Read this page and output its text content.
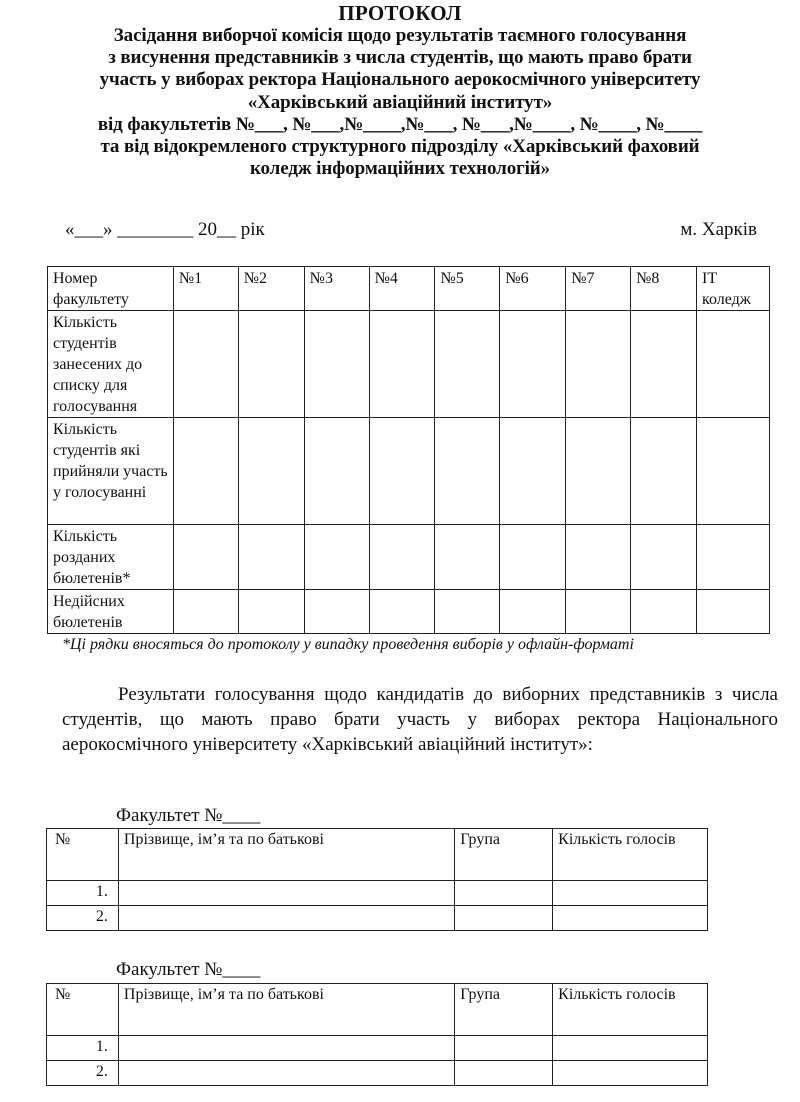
ПРОТОКОЛ
Засідання виборчої комісія щодо результатів таємного голосування
з висунення представників з числа студентів, що мають право брати
участь у виборах ректора Національного аерокосмічного університету
«Харківський авіаційний інститут»
від факультетів №___, №___,№____,№___, №___,№____, №____, №____
та від відокремленого структурного підрозділу «Харківський фаховий
коледж інформаційних технологій»
«___» ________ 20__ рік	м. Харків
Номер факультету	№1	№2	№3	№4	№5	№6	№7	№8	IT коледж
Кількість студентів занесених до списку для голосування									
Кількість студентів які прийняли участь у голосуванні									
Кількість розданих бюлетенів*									
Недійсних бюлетенів									
*Ці рядки вносяться до протоколу у випадку проведення виборів у офлайн-форматі
Результати голосування щодо кандидатів до виборних представників з числа студентів, що мають право брати участь у виборах ректора Національного аерокосмічного університету «Харківський авіаційний інститут»:
Факультет №____
№	Прізвище, ім’я та по батькові	Група	Кількість голосів
1.			
2.			
Факультет №____
№	Прізвище, ім’я та по батькові	Група	Кількість голосів
1.			
2.			
